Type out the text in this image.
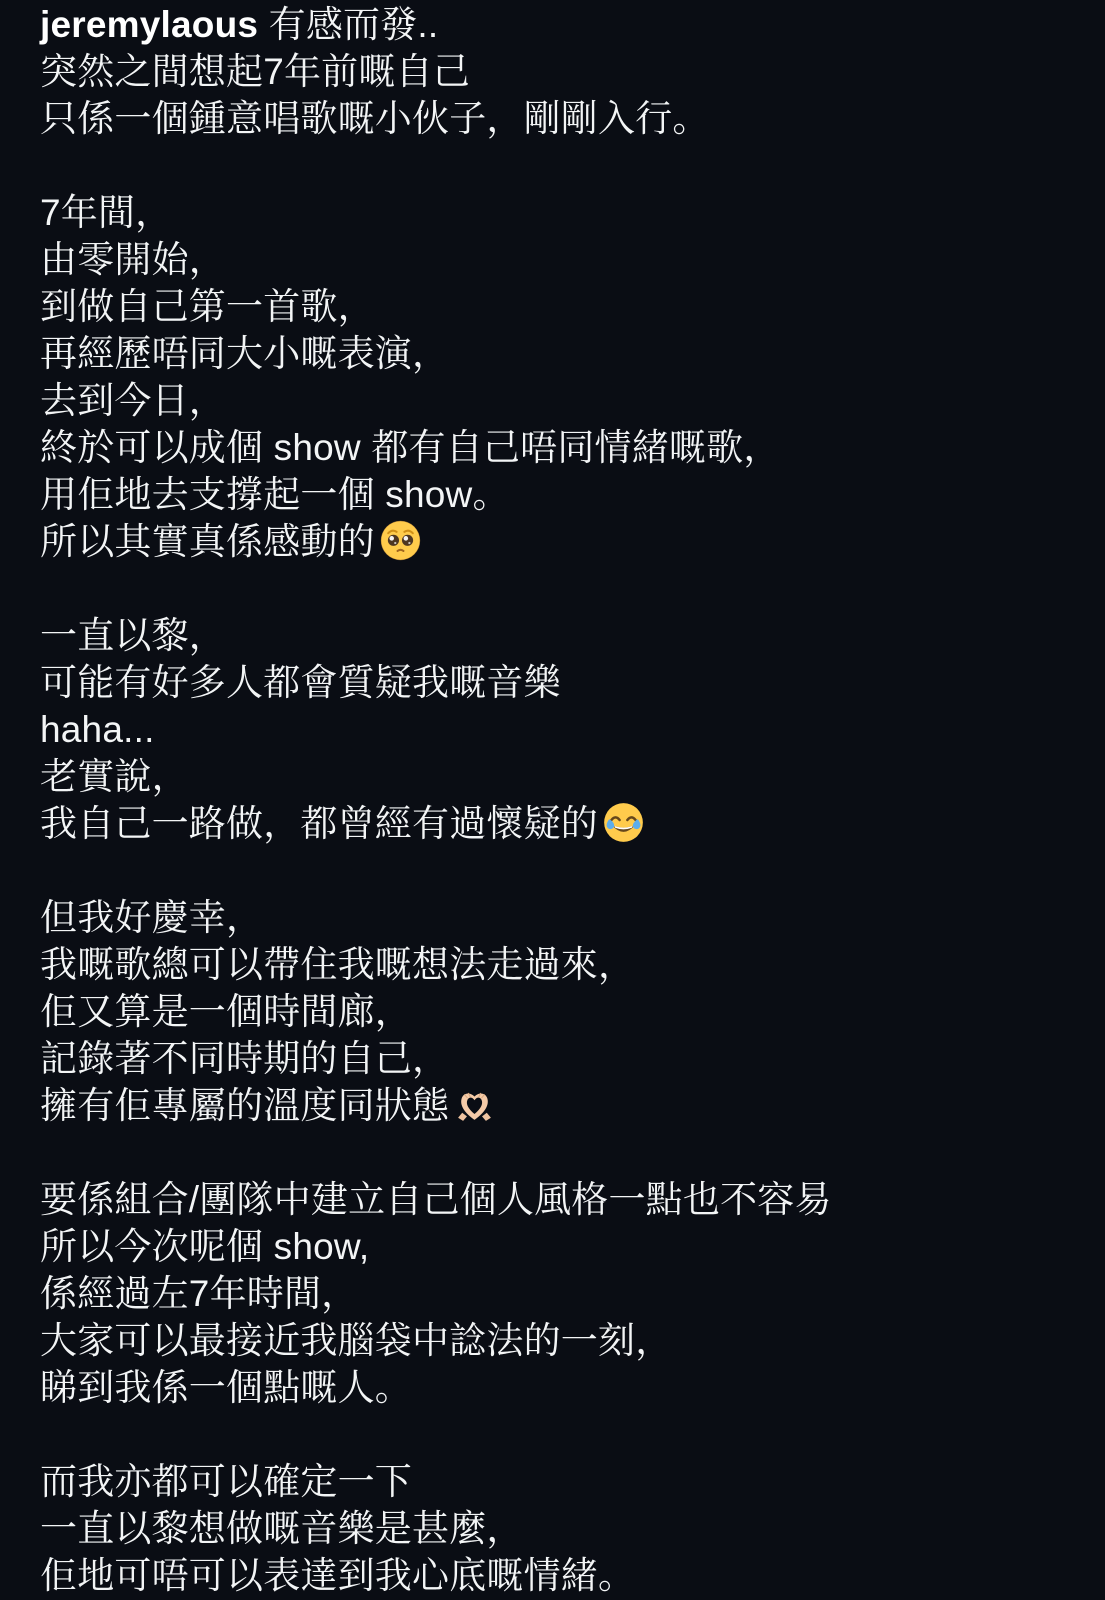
jeremylaous 有感而發..
突然之間想起7年前嘅自己
只係一個鍾意唱歌嘅小伙子，剛剛入行。
7年間，
由零開始，
到做自己第一首歌，
再經歷唔同大小嘅表演，
去到今日，
終於可以成個 show 都有自己唔同情緒嘅歌，
用佢地去支撐起一個 show。
所以其實真係感動的
一直以黎，
可能有好多人都會質疑我嘅音樂
haha...
老實說，
我自己一路做，都曾經有過懷疑的
但我好慶幸，
我嘅歌總可以帶住我嘅想法走過來，
佢又算是一個時間廊，
記錄著不同時期的自己，
擁有佢專屬的溫度同狀態
要係組合/團隊中建立自己個人風格一點也不容易
所以今次呢個 show,
係經過左7年時間，
大家可以最接近我腦袋中諗法的一刻，
睇到我係一個點嘅人。
而我亦都可以確定一下
一直以黎想做嘅音樂是甚麼，
佢地可唔可以表達到我心底嘅情緒。
